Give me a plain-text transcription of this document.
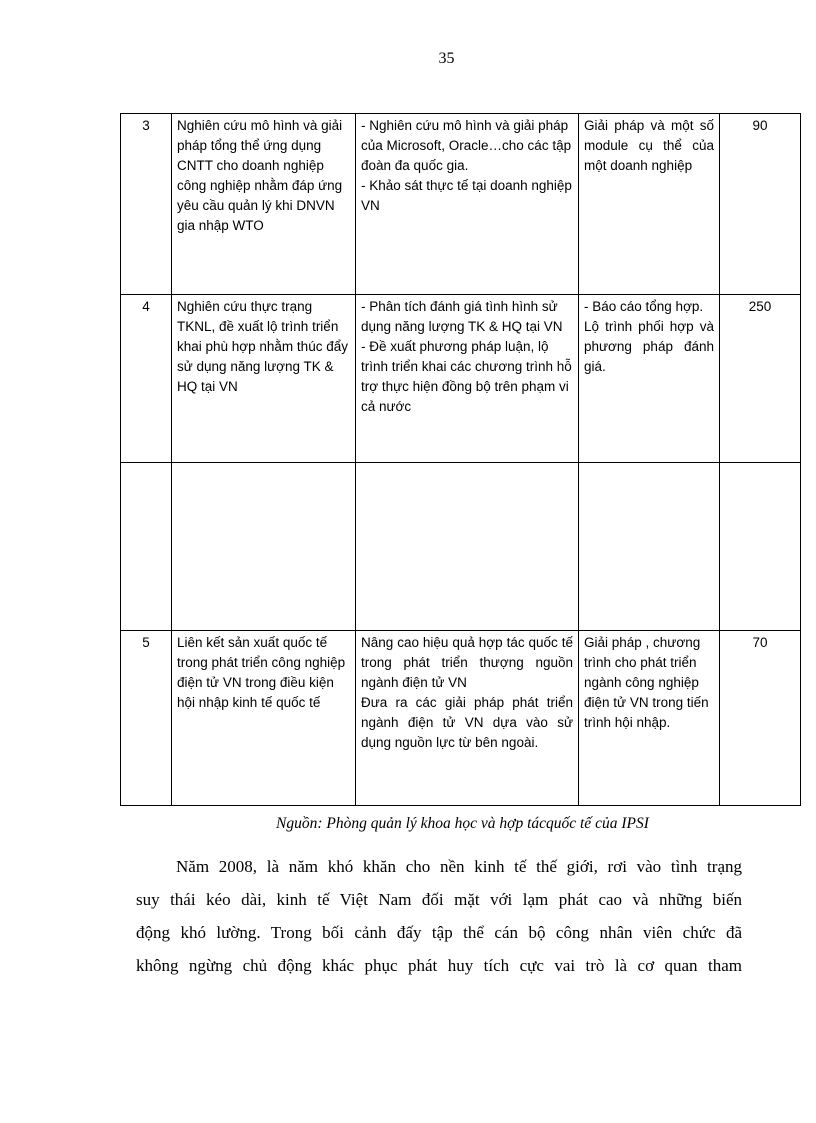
35
3	Nghiên cứu mô hình và giải pháp tổng thể ứng dụng CNTT cho doanh nghiệp công nghiệp nhằm đáp ứng yêu cầu quản lý khi DNVN gia nhập WTO	- Nghiên cứu mô hình và giải pháp của Microsoft, Oracle…cho các tập đoàn đa quốc gia.
- Khảo sát thực tế tại doanh nghiệp VN	Giải pháp và một số module cụ thể của một doanh nghiệp	90
4	Nghiên cứu thực trạng TKNL, đề xuất lộ trình triển khai phù hợp nhằm thúc đẩy sử dụng năng lượng TK & HQ tại VN	- Phân tích đánh giá tình hình sử dụng năng lượng TK & HQ tại VN
- Đề xuất phương pháp luận, lộ trình triển khai các chương trình hỗ trợ thực hiện đồng bộ trên phạm vi cả nước	- Báo cáo tổng hợp.
Lộ trình phối hợp và phương pháp đánh giá.	250

5	Liên kết sản xuất quốc tế trong phát triển công nghiệp điện tử VN trong điều kiện hội nhập kinh tế quốc tế	Nâng cao hiệu quả hợp tác quốc tế trong phát triển thượng nguồn ngành điện tử VN
Đưa ra các giải pháp phát triển ngành điện tử VN dựa vào sử dụng nguồn lực từ bên ngoài.	Giải pháp , chương trình cho phát triển ngành công nghiệp điện tử VN trong tiến trình hội nhập.	70
Nguồn: Phòng quản lý khoa học và hợp tácquốc tế của IPSI
Năm 2008, là năm khó khăn cho nền kinh tế thế giới, rơi vào tình trạng
suy thái kéo dài, kinh tế Việt Nam đối mặt với lạm phát cao và những biến
động khó lường. Trong bối cảnh đấy tập thể cán bộ công nhân viên chức đã
không ngừng chủ động khác phục phát huy tích cực vai trò là cơ quan tham
